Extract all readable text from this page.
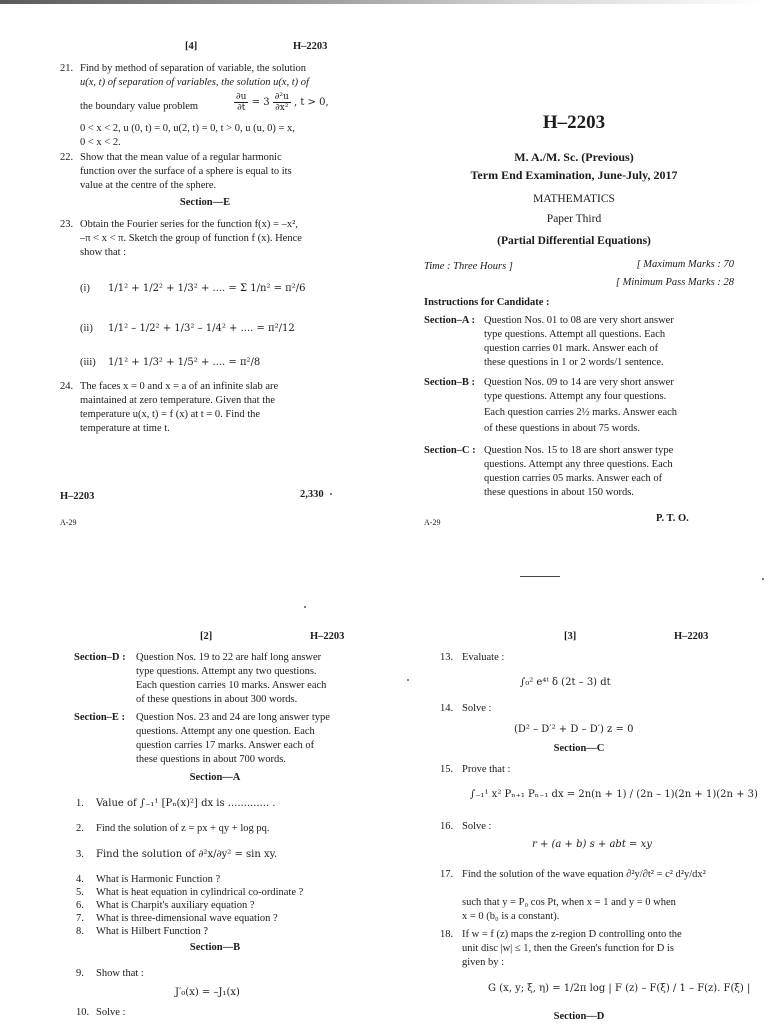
[4]	H–2203
21. Find by method of separation of variable, the solution
u(x, t) of separation of variables, the solution u(x, t) of
the boundary value problem	$\frac{\partial u}{\partial t} = 3 \frac{\text{∂²u}}{\text{∂x²}}$ , t > 0,
0 < x < 2, u (0, t) = 0, u(2, t) = 0, t > 0, u (u, 0) = x,
0 < x < 2.
22. Show that the mean value of a regular harmonic
function over the surface of a sphere is equal to its
value at the centre of the sphere.
Section—E
23. Obtain the Fourier series for the function f(x) = –x²,
–π < x < π. Sketch the group of function f (x). Hence
show that :
(i) 1/1² + 1/2² + 1/3² + .... = Σ 1/n² = π²/6
(ii) 1/1² – 1/2² + 1/3² – 1/4² + .... = π²/12
(iii) 1/1² + 1/3² + 1/5² + .... = π²/8
24. The faces x = 0 and x = a of an infinite slab are
maintained at zero temperature. Given that the
temperature u(x, t) = f (x) at t = 0. Find the
temperature at time t.
H–2203	2,330
A-29
H–2203
M. A./M. Sc. (Previous)
Term End Examination, June-July, 2017
MATHEMATICS
Paper Third
(Partial Differential Equations)
Time : Three Hours ]	[ Maximum Marks : 70
[ Minimum Pass Marks : 28
Instructions for Candidate :
Section–A : Question Nos. 01 to 08 are very short answer
type questions. Attempt all questions. Each
question carries 01 mark. Answer each of
these questions in 1 or 2 words/1 sentence.
Section–B : Question Nos. 09 to 14 are very short answer
type questions. Attempt any four questions.
Each question carries 2½ marks. Answer each
of these questions in about 75 words.
Section–C : Question Nos. 15 to 18 are short answer type
questions. Attempt any three questions. Each
question carries 05 marks. Answer each of
these questions in about 150 words.
A-29	P. T. O.
[2]	H–2203
Section–D : Question Nos. 19 to 22 are half long answer
type questions. Attempt any two questions.
Each question carries 10 marks. Answer each
of these questions in about 300 words.
Section–E : Question Nos. 23 and 24 are long answer type
questions. Attempt any one question. Each
question carries 17 marks. Answer each of
these questions in about 700 words.
Section—A
1. Value of ∫₋₁¹ [Pₙ(x)²] dx is ............. .
2. Find the solution of z = px + qy + log pq.
3. Find the solution of ∂²x/∂y² = sin xy.
4. What is Harmonic Function ?
5. What is heat equation in cylindrical co-ordinate ?
6. What is Charpit's auxiliary equation ?
7. What is three-dimensional wave equation ?
8. What is Hilbert Function ?
Section—B
9. Show that :
J′₀(x) = –J₁(x)
10. Solve :
[3]	H–2203
13. Evaluate :
∫₀² e⁴ᵗ δ (2t – 3) dt
14. Solve :
(D² – D′² + D – D′) z = 0
Section—C
15. Prove that :
∫₋₁¹ x² Pₙ₊₁ Pₙ₋₁ dx = 2n(n + 1) / (2n – 1)(2n + 1)(2n + 3)
16. Solve :
r + (a + b) s + abt = xy
17. Find the solution of the wave equation ∂²y/∂t² = c² d²y/dx²
such that y = P₀ cos Pt, when x = 1 and y = 0 when
x = 0 (b₀ is a constant).
18. If w = f (z) maps the z-region D controlling onto the
unit disc |w| ≤ 1, then the Green's function for D is
given by :
G (x, y; ξ, η) = 1/2π log | F (z) – F(ξ) / 1 – F(z). F(ξ) |
Section—D
